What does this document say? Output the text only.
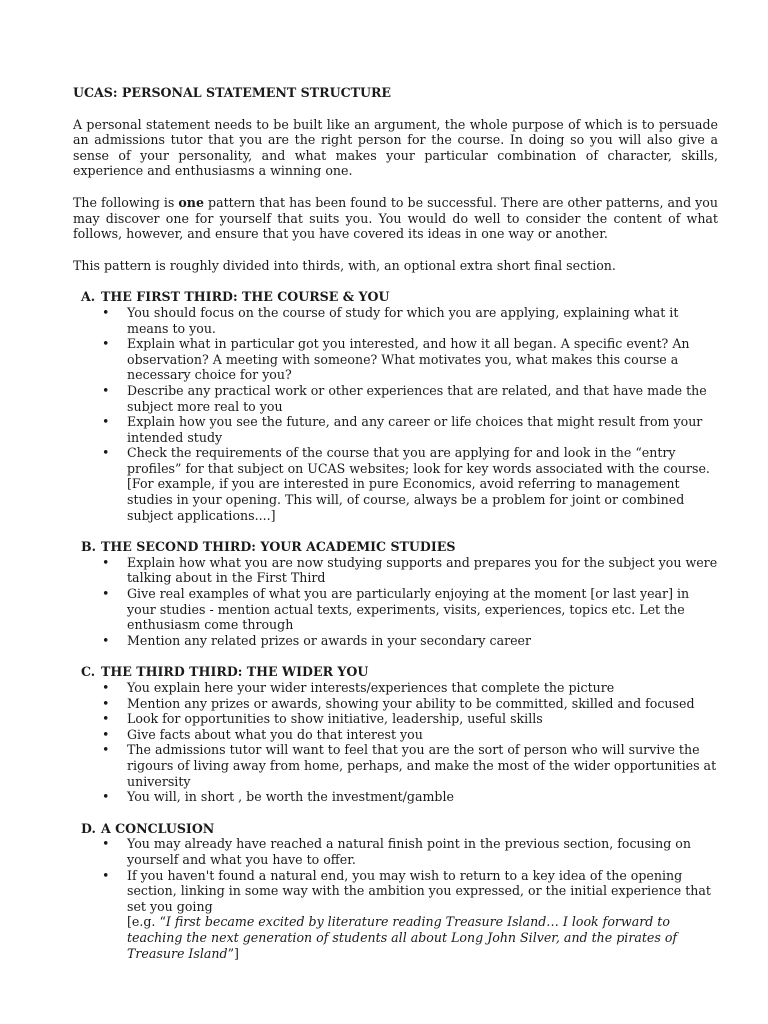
UCAS: PERSONAL STATEMENT STRUCTURE

A personal statement needs to be built like an argument, the whole purpose of which is to persuade an admissions tutor that you are the right person for the course. In doing so you will also give a sense of your personality, and what makes your particular combination of character, skills, experience and enthusiasms a winning one.

The following is one pattern that has been found to be successful. There are other patterns, and you may discover one for yourself that suits you. You would do well to consider the content of what follows, however, and ensure that you have covered its ideas in one way or another.

This pattern is roughly divided into thirds, with, an optional extra short final section.

A. THE FIRST THIRD: THE COURSE & YOU
• You should focus on the course of study for which you are applying, explaining what it means to you.
• Explain what in particular got you interested, and how it all began. A specific event? An observation? A meeting with someone? What motivates you, what makes this course a necessary choice for you?
• Describe any practical work or other experiences that are related, and that have made the subject more real to you
• Explain how you see the future, and any career or life choices that might result from your intended study
• Check the requirements of the course that you are applying for and look in the “entry profiles” for that subject on UCAS websites; look for key words associated with the course.
[For example, if you are interested in pure Economics, avoid referring to management studies in your opening. This will, of course, always be a problem for joint or combined subject applications....]
B. THE SECOND THIRD: YOUR ACADEMIC STUDIES
• Explain how what you are now studying supports and prepares you for the subject you were talking about in the First Third
• Give real examples of what you are particularly enjoying at the moment [or last year] in your studies - mention actual texts, experiments, visits, experiences, topics etc. Let the enthusiasm come through
• Mention any related prizes or awards in your secondary career
C. THE THIRD THIRD: THE WIDER YOU
• You explain here your wider interests/experiences that complete the picture
• Mention any prizes or awards, showing your ability to be committed, skilled and focused
• Look for opportunities to show initiative, leadership, useful skills
• Give facts about what you do that interest you
• The admissions tutor will want to feel that you are the sort of person who will survive the rigours of living away from home, perhaps, and make the most of the wider opportunities at university
• You will, in short , be worth the investment/gamble
D. A CONCLUSION
• You may already have reached a natural finish point in the previous section, focusing on yourself and what you have to offer.
• If you haven't found a natural end, you may wish to return to a key idea of the opening section, linking in some way with the ambition you expressed, or the initial experience that set you going
[e.g. “I first became excited by literature reading Treasure Island… I look forward to teaching the next generation of students all about Long John Silver, and the pirates of Treasure Island”]
